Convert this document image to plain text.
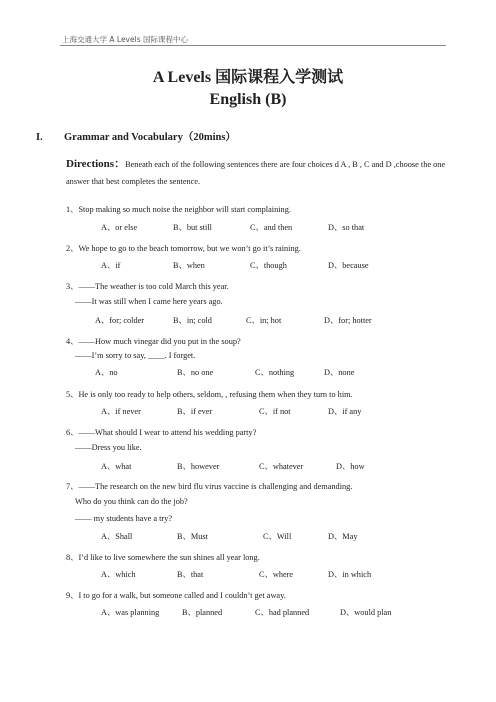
上海交通大学 A Levels 国际课程中心
A Levels 国际课程入学测试
English (B)
I. Grammar and Vocabulary（20mins）
Directions：Beneath each of the following sentences there are four choices d A , B , C and D ,choose the one answer that best completes the sentence.
1、Stop making so much noise the neighbor will start complaining.
A、or else	B、but still	C、and then	D、so that
2、We hope to go to the beach tomorrow, but we won’t go it’s raining.
A、if	B、when	C、though	D、because
3、——The weather is too cold March this year.
——It was still when I came here years ago.
A、for; colder	B、in; cold	C、in; hot	D、for; hotter
4、——How much vinegar did you put in the soup?
——I’m sorry to say, ____. I forget.
A、no	B、no one	C、nothing	D、none
5、He is only too ready to help others, seldom, , refusing them when they turn to him.
A、if never	B、if ever	C、if not	D、if any
6、——What should I wear to attend his wedding party?
——Dress you like.
A、what	B、however	C、whatever	D、how
7、——The research on the new bird flu virus vaccine is challenging and demanding.
Who do you think can do the job?
—— my students have a try?
A、Shall	B、Must	C、Will	D、May
8、I’d like to live somewhere the sun shines all year long.
A、which	B、that	C、where	D、in which
9、I to go for a walk, but someone called and I couldn’t get away.
A、was planning	B、planned	C、had planned	D、would plan
